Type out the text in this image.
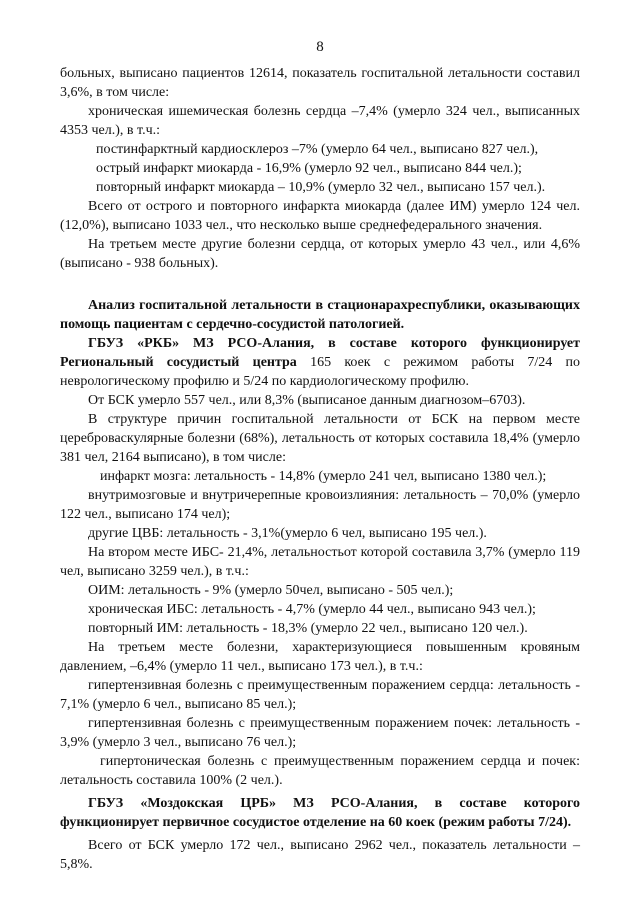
8

больных, выписано пациентов 12614, показатель госпитальной летальности составил 3,6%, в том числе:

хроническая ишемическая болезнь сердца –7,4% (умерло 324 чел., выписанных 4353 чел.), в т.ч.:

постинфарктный кардиосклероз –7% (умерло 64 чел., выписано 827 чел.),

острый инфаркт миокарда - 16,9% (умерло 92 чел., выписано 844 чел.);

повторный инфаркт миокарда – 10,9% (умерло 32 чел., выписано 157 чел.).

Всего от острого и повторного инфаркта миокарда (далее ИМ) умерло 124 чел.(12,0%), выписано 1033 чел., что несколько выше среднефедерального значения.

На третьем месте другие болезни сердца, от которых умерло 43 чел., или 4,6% (выписано - 938 больных).

Анализ госпитальной летальности в стационарахреспублики, оказывающих помощь пациентам с сердечно-сосудистой патологией.

ГБУЗ «РКБ» МЗ РСО-Алания, в составе которого функционирует Региональный сосудистый центра 165 коек с режимом работы 7/24 по неврологическому профилю и 5/24 по кардиологическому профилю.

От БСК умерло 557 чел., или 8,3% (выписаное данным диагнозом–6703).

В структуре причин госпитальной летальности от БСК на первом месте цереброваскулярные болезни (68%), летальность от которых составила 18,4% (умерло 381 чел, 2164 выписано), в том числе:

инфаркт мозга: летальность - 14,8% (умерло 241 чел, выписано 1380 чел.);

внутримозговые и внутричерепные кровоизлияния: летальность – 70,0% (умерло 122 чел., выписано 174 чел);

другие ЦВБ: летальность - 3,1%(умерло 6 чел, выписано 195 чел.).

На втором месте ИБС- 21,4%, летальностьот которой составила 3,7% (умерло 119 чел, выписано 3259 чел.), в т.ч.:

ОИМ: летальность - 9% (умерло 50чел, выписано - 505 чел.);

хроническая ИБС: летальность - 4,7% (умерло 44 чел., выписано 943 чел.);

повторный ИМ: летальность - 18,3% (умерло 22 чел., выписано 120 чел.).

На третьем месте болезни, характеризующиеся повышенным кровяным давлением, –6,4% (умерло 11 чел., выписано 173 чел.), в т.ч.:

гипертензивная болезнь с преимущественным поражением сердца: летальность - 7,1% (умерло 6 чел., выписано 85 чел.);

гипертензивная болезнь с преимущественным поражением почек: летальность - 3,9% (умерло 3 чел., выписано 76 чел.);

гипертоническая болезнь с преимущественным поражением сердца и почек: летальность составила 100% (2 чел.).

ГБУЗ «Моздокская ЦРБ» МЗ РСО-Алания, в составе которого функционирует первичное сосудистое отделение на 60 коек (режим работы 7/24).

Всего от БСК умерло 172 чел., выписано 2962 чел., показатель летальности – 5,8%.
